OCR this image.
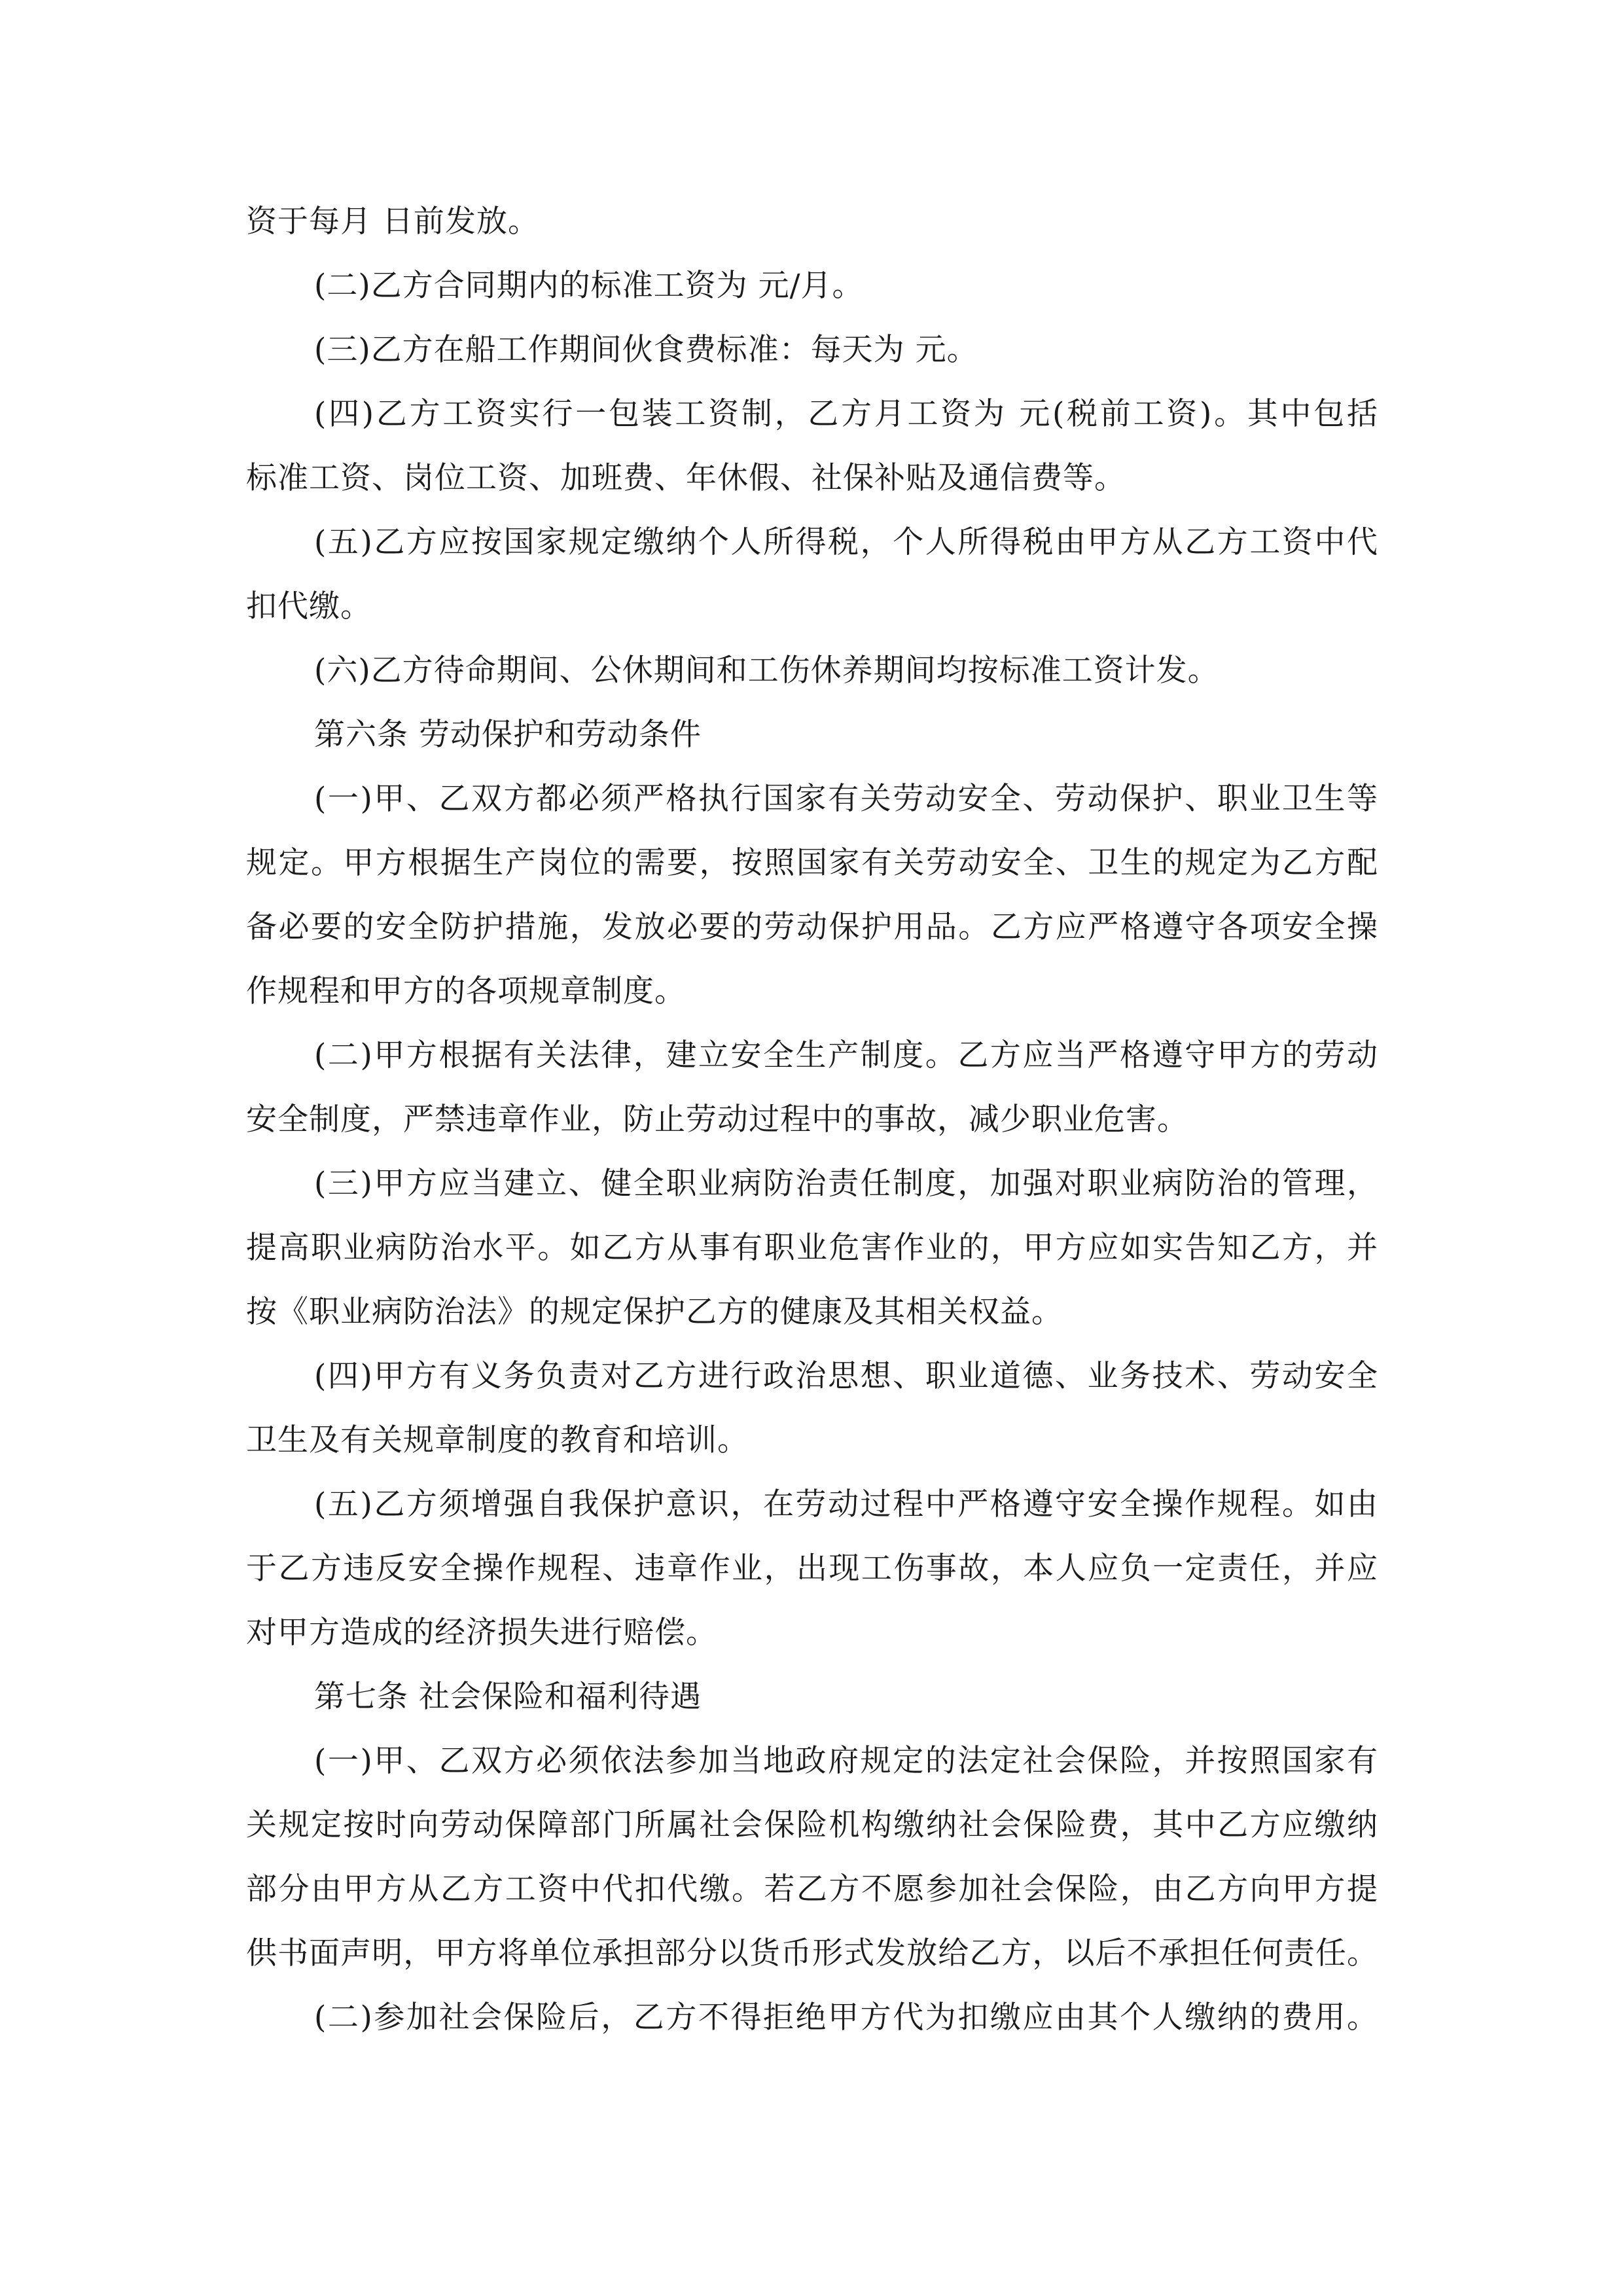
资于每月 日前发放。
(二)乙方合同期内的标准工资为 元/月。
(三)乙方在船工作期间伙食费标准：每天为 元。
(四)乙方工资实行一包装工资制，乙方月工资为 元(税前工资)。其中包括
标准工资、岗位工资、加班费、年休假、社保补贴及通信费等。
(五)乙方应按国家规定缴纳个人所得税，个人所得税由甲方从乙方工资中代
扣代缴。
(六)乙方待命期间、公休期间和工伤休养期间均按标准工资计发。
第六条 劳动保护和劳动条件
(一)甲、乙双方都必须严格执行国家有关劳动安全、劳动保护、职业卫生等
规定。甲方根据生产岗位的需要，按照国家有关劳动安全、卫生的规定为乙方配
备必要的安全防护措施，发放必要的劳动保护用品。乙方应严格遵守各项安全操
作规程和甲方的各项规章制度。
(二)甲方根据有关法律，建立安全生产制度。乙方应当严格遵守甲方的劳动
安全制度，严禁违章作业，防止劳动过程中的事故，减少职业危害。
(三)甲方应当建立、健全职业病防治责任制度，加强对职业病防治的管理，
提高职业病防治水平。如乙方从事有职业危害作业的，甲方应如实告知乙方，并
按《职业病防治法》的规定保护乙方的健康及其相关权益。
(四)甲方有义务负责对乙方进行政治思想、职业道德、业务技术、劳动安全
卫生及有关规章制度的教育和培训。
(五)乙方须增强自我保护意识，在劳动过程中严格遵守安全操作规程。如由
于乙方违反安全操作规程、违章作业，出现工伤事故，本人应负一定责任，并应
对甲方造成的经济损失进行赔偿。
第七条 社会保险和福利待遇
(一)甲、乙双方必须依法参加当地政府规定的法定社会保险，并按照国家有
关规定按时向劳动保障部门所属社会保险机构缴纳社会保险费，其中乙方应缴纳
部分由甲方从乙方工资中代扣代缴。若乙方不愿参加社会保险，由乙方向甲方提
供书面声明，甲方将单位承担部分以货币形式发放给乙方，以后不承担任何责任。
(二)参加社会保险后，乙方不得拒绝甲方代为扣缴应由其个人缴纳的费用。
